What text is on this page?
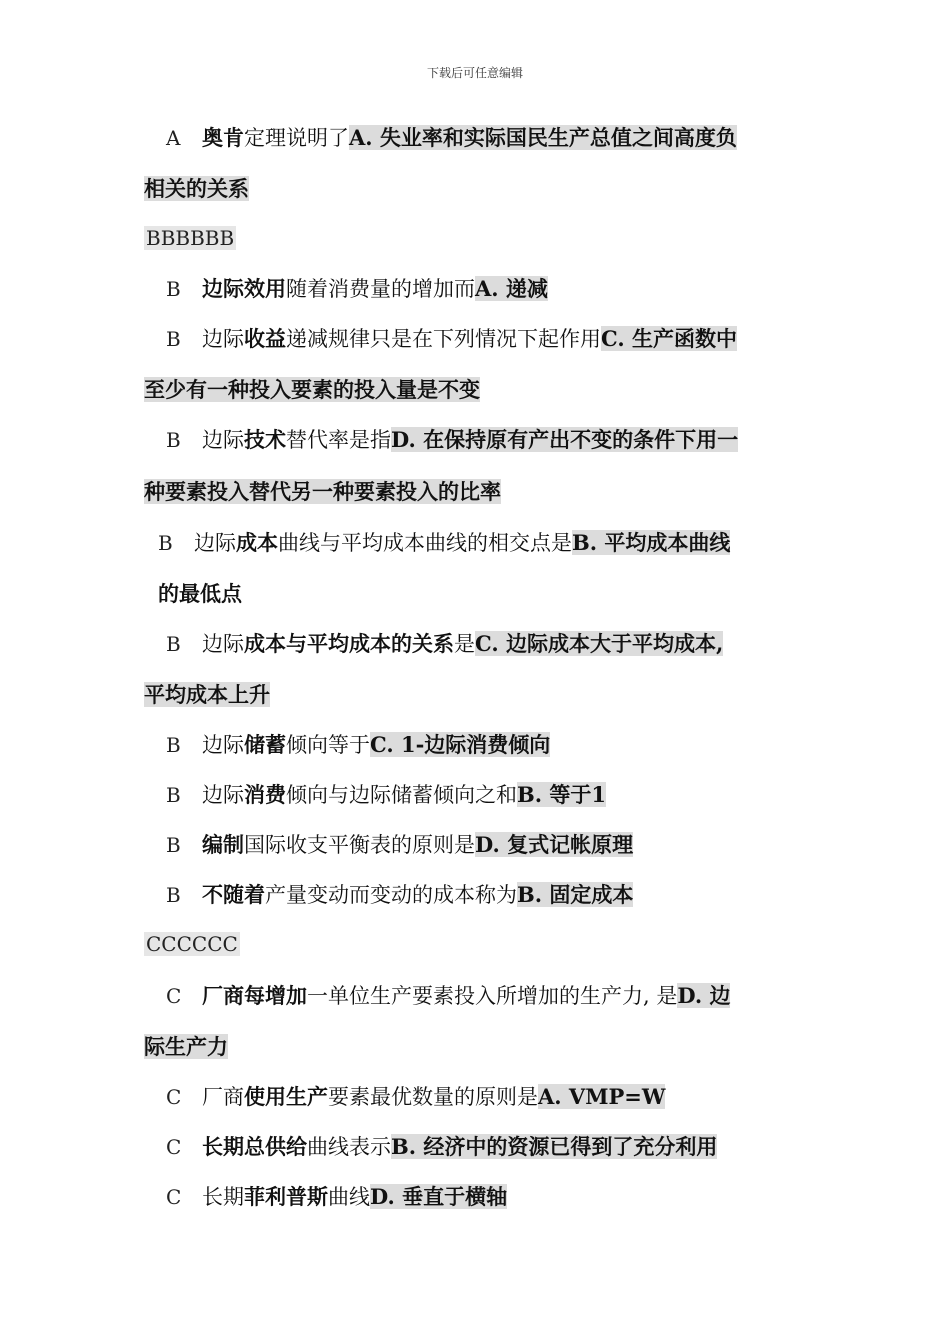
下载后可任意编辑
A 奥肯定理说明了A. 失业率和实际国民生产总值之间高度负
相关的关系
BBBBBB
B 边际效用随着消费量的增加而A. 递减
B 边际收益递减规律只是在下列情况下起作用C. 生产函数中
至少有一种投入要素的投入量是不变
B 边际技术替代率是指D. 在保持原有产出不变的条件下用一
种要素投入替代另一种要素投入的比率
B 边际成本曲线与平均成本曲线的相交点是B. 平均成本曲线
的最低点
B 边际成本与平均成本的关系是C. 边际成本大于平均成本,
平均成本上升
B 边际储蓄倾向等于C. 1-边际消费倾向
B 边际消费倾向与边际储蓄倾向之和B. 等于1
B 编制国际收支平衡表的原则是D. 复式记帐原理
B 不随着产量变动而变动的成本称为B. 固定成本
CCCCCC
C 厂商每增加一单位生产要素投入所增加的生产力, 是D. 边
际生产力
C 厂商使用生产要素最优数量的原则是A. VMP=W
C 长期总供给曲线表示B. 经济中的资源已得到了充分利用
C 长期菲利普斯曲线D. 垂直于横轴
